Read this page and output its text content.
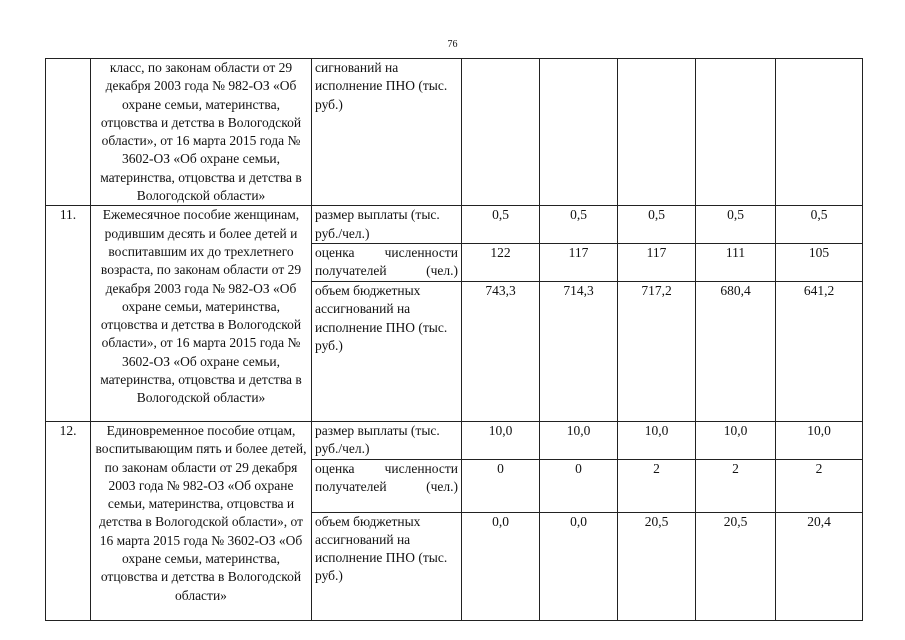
76
	класс, по законам области от 29 декабря 2003 года № 982-ОЗ «Об охране семьи, материнства, отцовства и детства в Вологодской области», от 16 марта 2015 года № 3602-ОЗ «Об охране семьи, материнства, отцовства и детства в Вологодской области»	сигнований на исполнение ПНО (тыс. руб.)					
11.	Ежемесячное пособие женщинам, родившим десять и более детей и воспитавшим их до трехлетнего возраста, по законам области от 29 декабря 2003 года № 982-ОЗ «Об охране семьи, материнства, отцовства и детства в Вологодской области», от 16 марта 2015 года № 3602-ОЗ «Об охране семьи, материнства, отцовства и детства в Вологодской области»	размер выплаты (тыс. руб./чел.)	0,5	0,5	0,5	0,5	0,5
		оценка численности получателей (чел.)	122	117	117	111	105
		объем бюджетных ассигнований на исполнение ПНО (тыс. руб.)	743,3	714,3	717,2	680,4	641,2
12.	Единовременное пособие отцам, воспитывающим пять и более детей, по законам области от 29 декабря 2003 года № 982-ОЗ «Об охране семьи, материнства, отцовства и детства в Вологодской области», от 16 марта 2015 года № 3602-ОЗ «Об охране семьи, материнства, отцовства и детства в Вологодской области»	размер выплаты (тыс. руб./чел.)	10,0	10,0	10,0	10,0	10,0
		оценка численности получателей (чел.)	0	0	2	2	2
		объем бюджетных ассигнований на исполнение ПНО (тыс. руб.)	0,0	0,0	20,5	20,5	20,4
